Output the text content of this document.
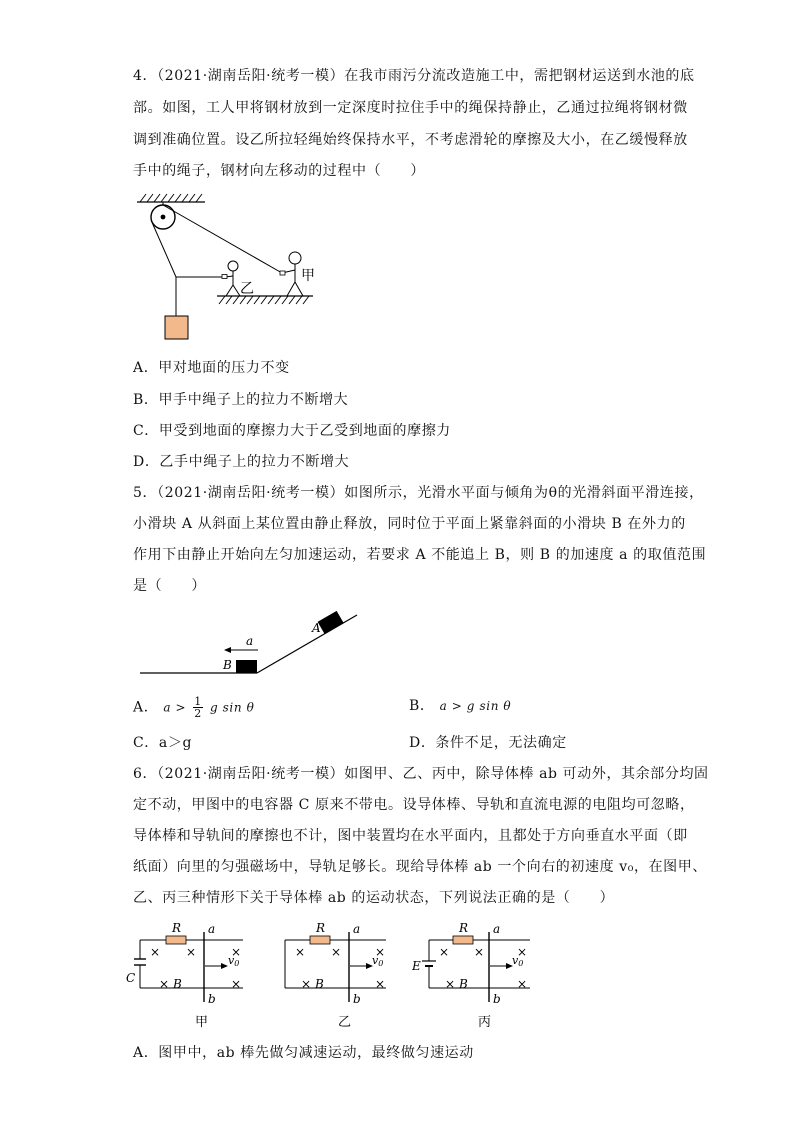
4．（2021·湖南岳阳·统考一模）在我市雨污分流改造施工中，需把钢材运送到水池的底
部。如图，工人甲将钢材放到一定深度时拉住手中的绳保持静止，乙通过拉绳将钢材微
调到准确位置。设乙所拉轻绳始终保持水平，不考虑滑轮的摩擦及大小，在乙缓慢释放
手中的绳子，钢材向左移动的过程中（　　）
乙
甲
A．甲对地面的压力不变
B．甲手中绳子上的拉力不断增大
C．甲受到地面的摩擦力大于乙受到地面的摩擦力
D．乙手中绳子上的拉力不断增大
5．（2021·湖南岳阳·统考一模）如图所示，光滑水平面与倾角为θ的光滑斜面平滑连接，
小滑块 A 从斜面上某位置由静止释放，同时位于平面上紧靠斜面的小滑块 B 在外力的
作用下由静止开始向左匀加速运动，若要求 A 不能追上 B，则 B 的加速度 a 的取值范围
是（　　）
a
B
A
A． $a > \frac{1}{2}$ g sin θ	B． a > g sin θ
C．a＞g	D．条件不足，无法确定
6．（2021·湖南岳阳·统考一模）如图甲、乙、丙中，除导体棒 ab 可动外，其余部分均固
定不动，甲图中的电容器 C 原来不带电。设导体棒、导轨和直流电源的电阻均可忽略，
导体棒和导轨间的摩擦也不计，图中装置均在水平面内，且都处于方向垂直水平面（即
纸面）向里的匀强磁场中，导轨足够长。现给导体棒 ab 一个向右的初速度 v₀，在图甲、
乙、丙三种情形下关于导体棒 ab 的运动状态，下列说法正确的是（　　）
R a
b
C	B
v0
× ×	×
×	×
甲
R a
b
B
v0
× ×	×
×	×
乙
R a
b
E
B
v0
× ×	×
×	×
丙
A．图甲中，ab 棒先做匀减速运动，最终做匀速运动
